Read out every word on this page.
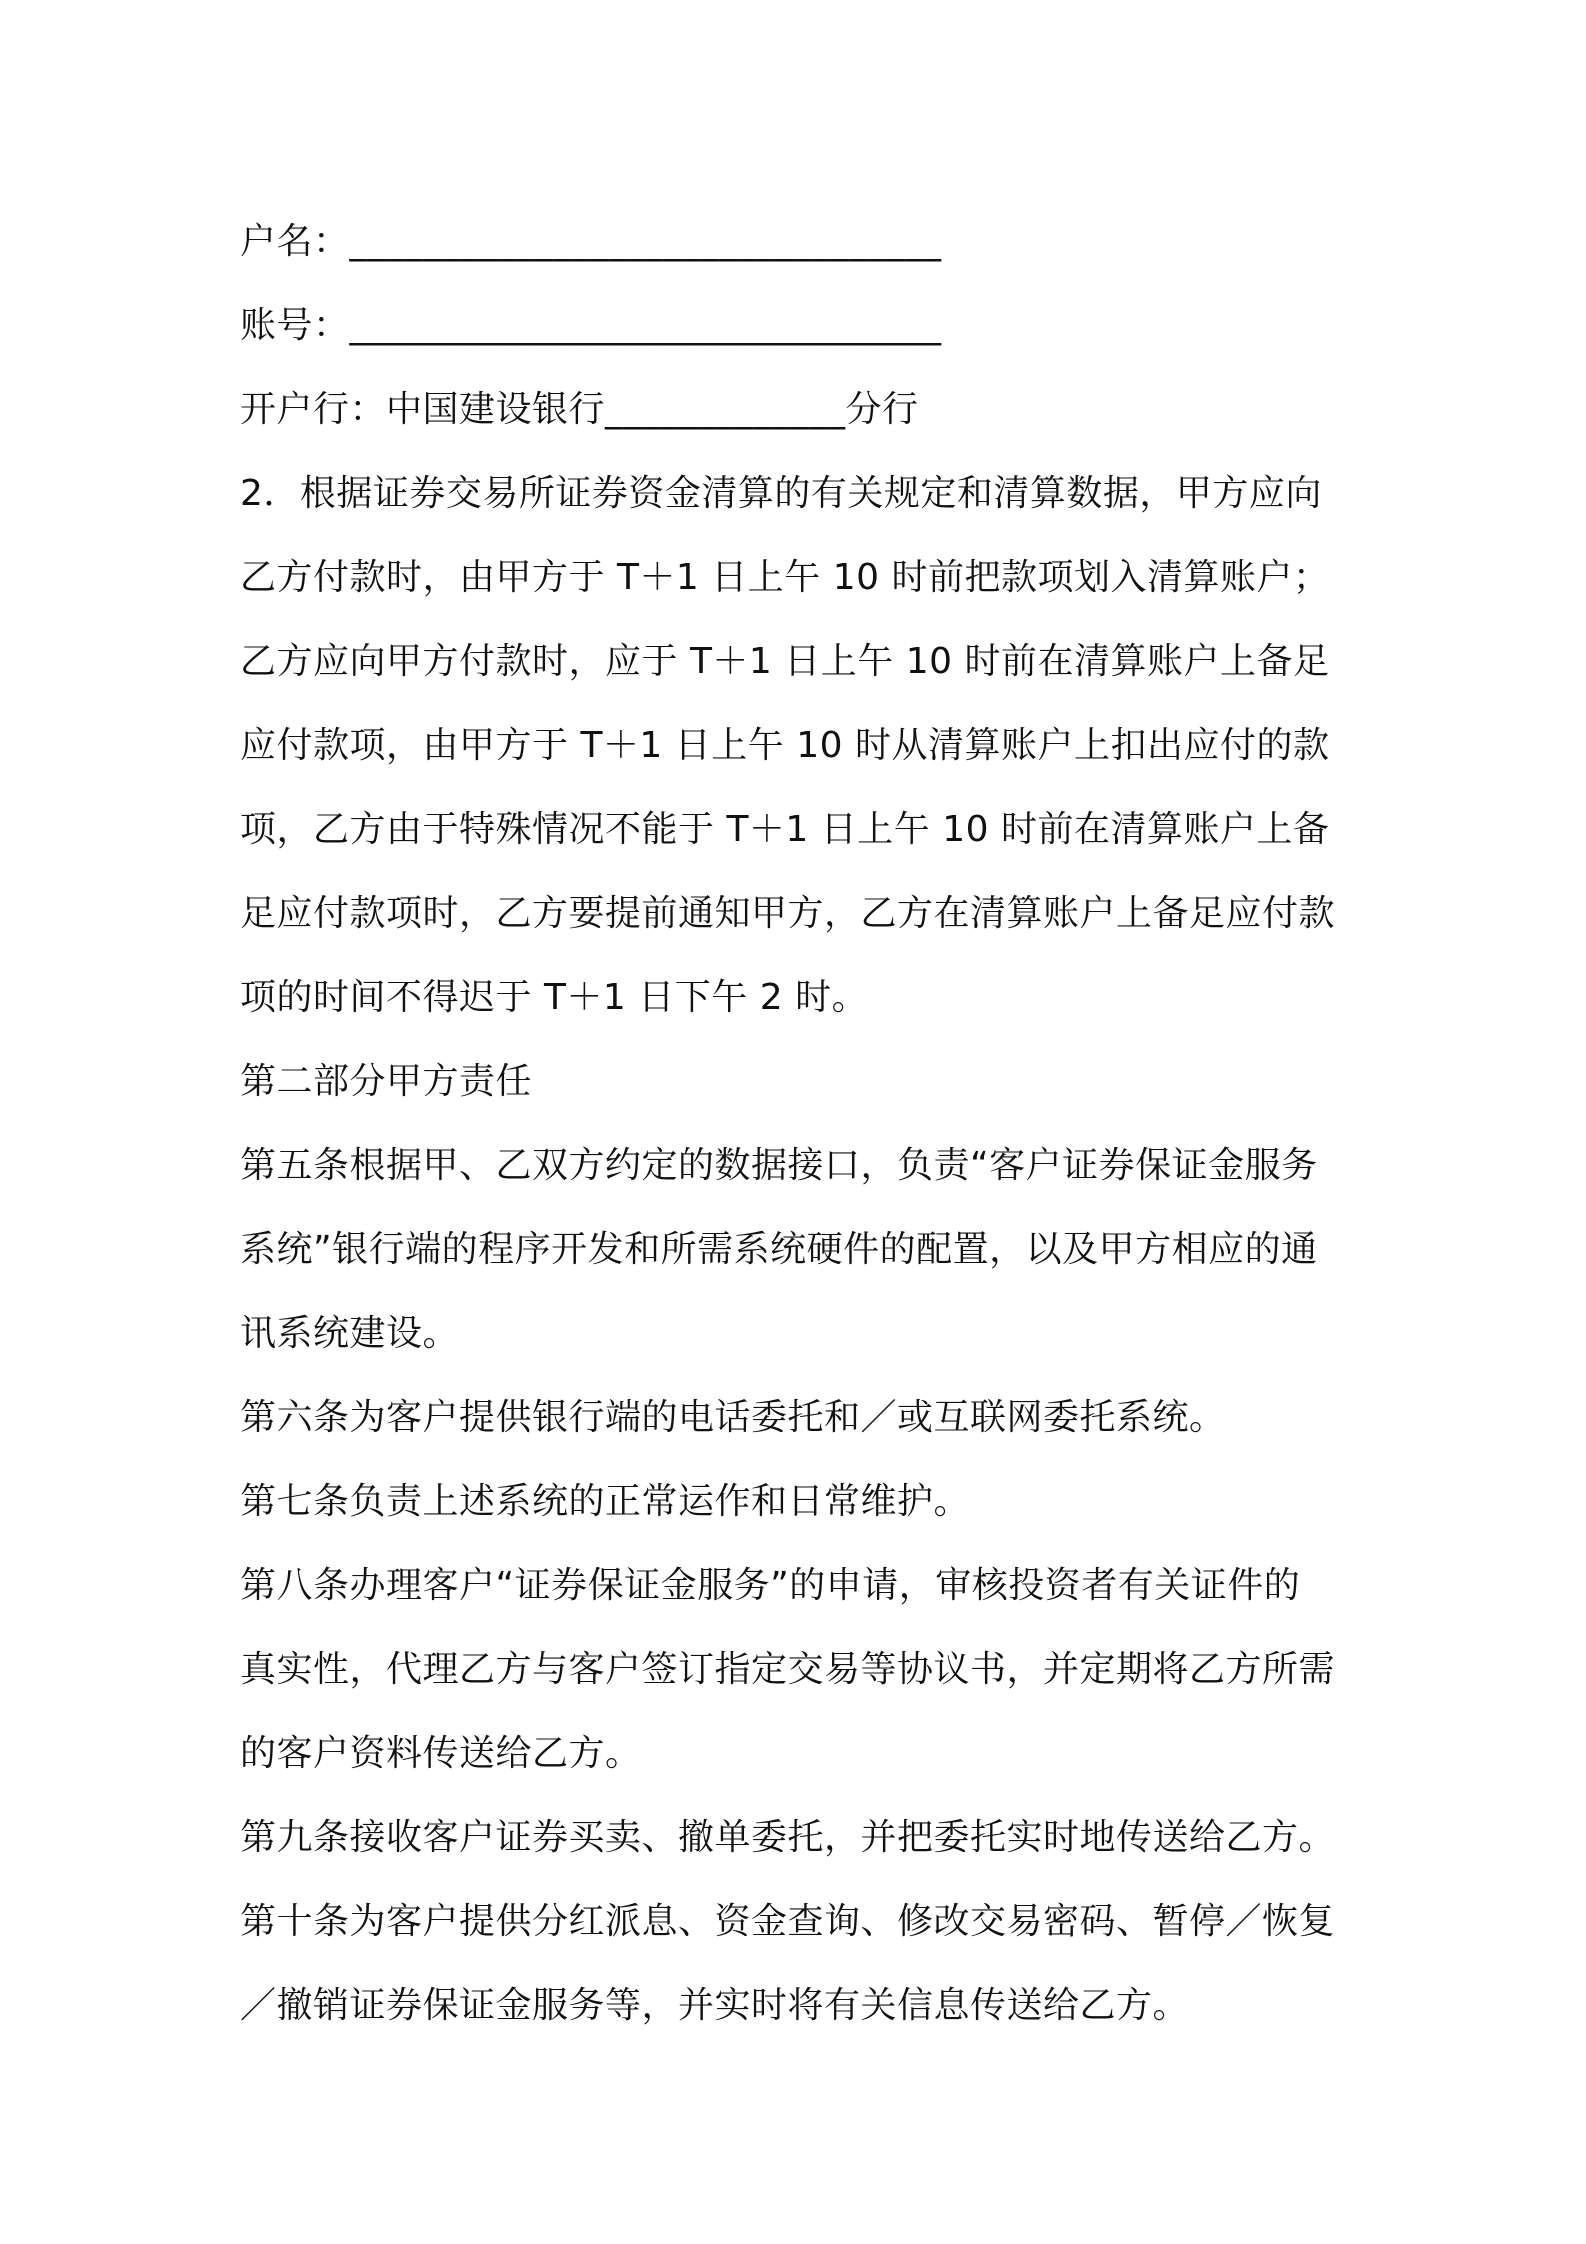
户名：________________________________
账号：________________________________
开户行：中国建设银行_____________分行
2．根据证券交易所证券资金清算的有关规定和清算数据，甲方应向
乙方付款时，由甲方于 T＋1 日上午 10 时前把款项划入清算账户；
乙方应向甲方付款时，应于 T＋1 日上午 10 时前在清算账户上备足
应付款项，由甲方于 T＋1 日上午 10 时从清算账户上扣出应付的款
项，乙方由于特殊情况不能于 T＋1 日上午 10 时前在清算账户上备
足应付款项时，乙方要提前通知甲方，乙方在清算账户上备足应付款
项的时间不得迟于 T＋1 日下午 2 时。
第二部分甲方责任
第五条根据甲、乙双方约定的数据接口，负责“客户证券保证金服务
系统”银行端的程序开发和所需系统硬件的配置，以及甲方相应的通
讯系统建设。
第六条为客户提供银行端的电话委托和／或互联网委托系统。
第七条负责上述系统的正常运作和日常维护。
第八条办理客户“证券保证金服务”的申请，审核投资者有关证件的
真实性，代理乙方与客户签订指定交易等协议书，并定期将乙方所需
的客户资料传送给乙方。
第九条接收客户证券买卖、撤单委托，并把委托实时地传送给乙方。
第十条为客户提供分红派息、资金查询、修改交易密码、暂停／恢复
／撤销证券保证金服务等，并实时将有关信息传送给乙方。
